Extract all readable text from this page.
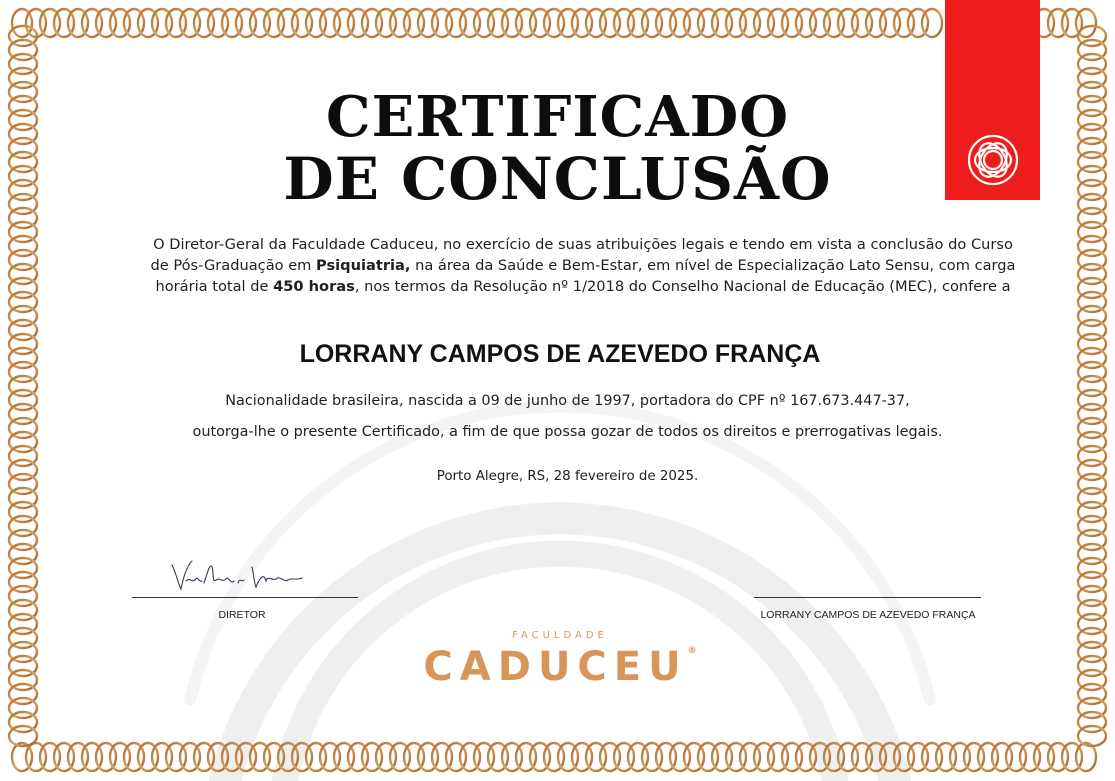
CERTIFICADO
DE CONCLUSÃO
O Diretor-Geral da Faculdade Caduceu, no exercício de suas atribuições legais e tendo em vista a conclusão do Curso
de Pós-Graduação em Psiquiatria, na área da Saúde e Bem-Estar, em nível de Especialização Lato Sensu, com carga
horária total de 450 horas, nos termos da Resolução nº 1/2018 do Conselho Nacional de Educação (MEC), confere a
LORRANY CAMPOS DE AZEVEDO FRANÇA
Nacionalidade brasileira, nascida a 09 de junho de 1997, portadora do CPF nº 167.673.447-37,
outorga-lhe o presente Certificado, a fim de que possa gozar de todos os direitos e prerrogativas legais.
Porto Alegre, RS, 28 fevereiro de 2025.
DIRETOR	LORRANY CAMPOS DE AZEVEDO FRANÇA
FACULDADE
CADUCEU®
